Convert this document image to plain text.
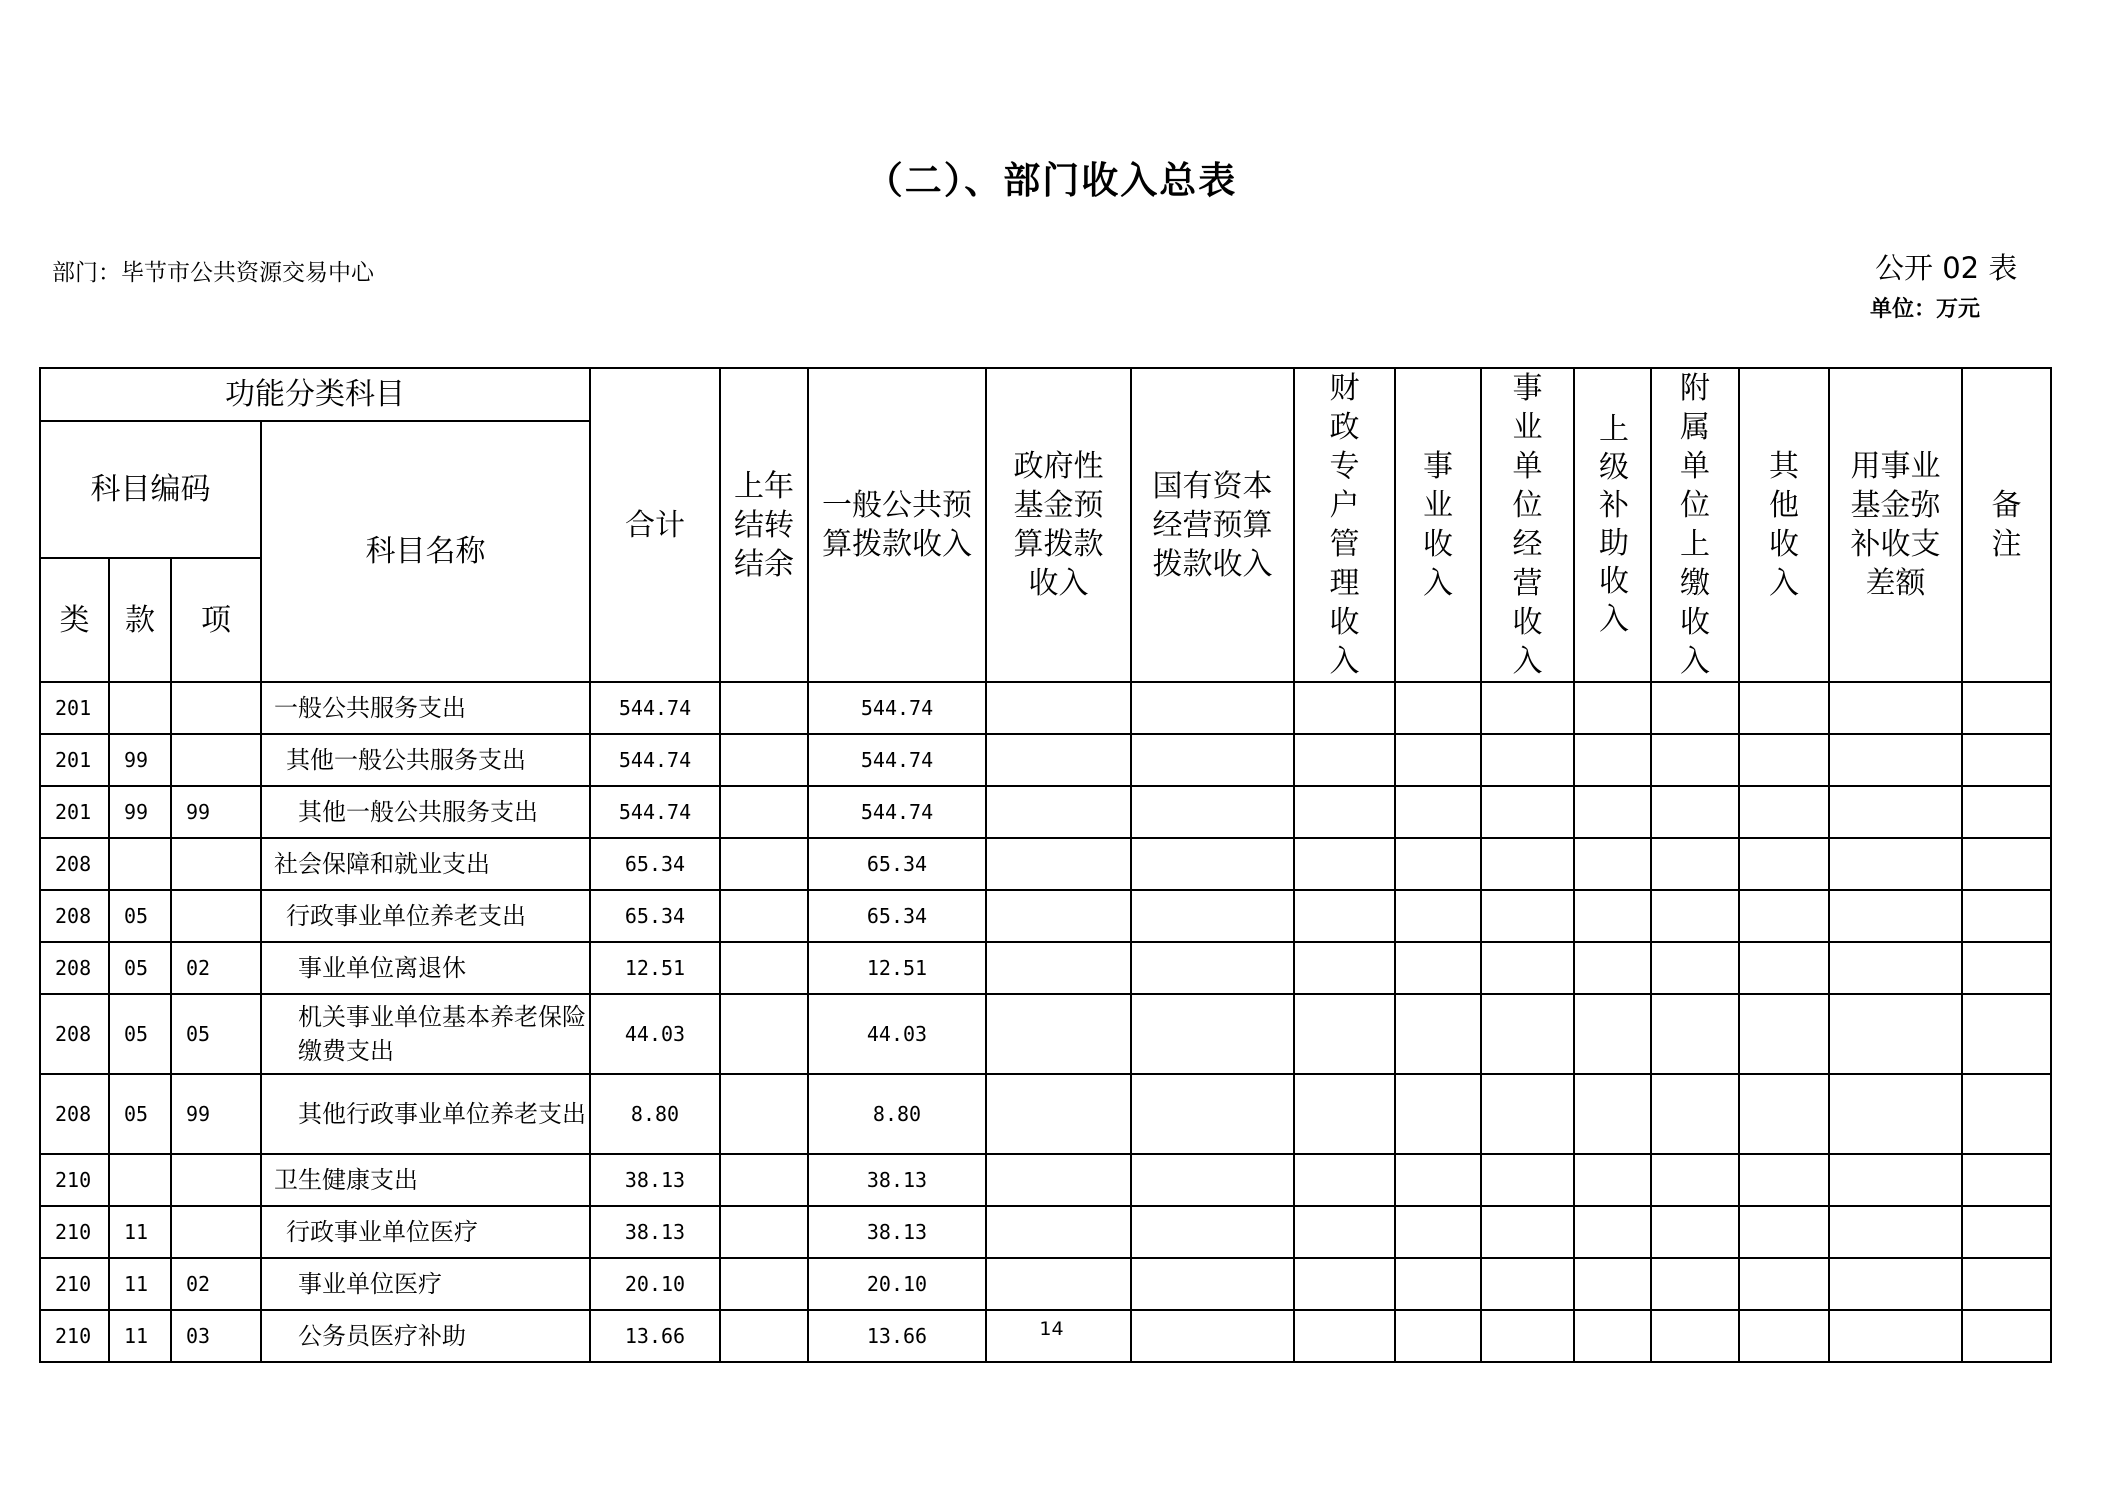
（二）、部门收入总表
部门：毕节市公共资源交易中心	公开 02 表
单位：万元
功能分类科目				合计	上年结转结余	一般公共预算拨款收入	政府性基金预算拨款收入	国有资本经营预算拨款收入	财政专户管理收入	事业收入	事业单位经营收入	上级补助收入	附属单位上缴收入	其他收入	用事业基金弥补收支差额	备注
科目编码			科目名称													
类	款	项														
201			一般公共服务支出	544.74		544.74										
201	99		其他一般公共服务支出	544.74		544.74										
201	99	99	其他一般公共服务支出	544.74		544.74										
208			社会保障和就业支出	65.34		65.34										
208	05		行政事业单位养老支出	65.34		65.34										
208	05	02	事业单位离退休	12.51		12.51										
208	05	05	机关事业单位基本养老保险缴费支出	44.03		44.03										
208	05	99	其他行政事业单位养老支出	8.80		8.80										
210			卫生健康支出	38.13		38.13										
210	11		行政事业单位医疗	38.13		38.13										
210	11	02	事业单位医疗	20.10		20.10										
210	11	03	公务员医疗补助	13.66		13.66											14
